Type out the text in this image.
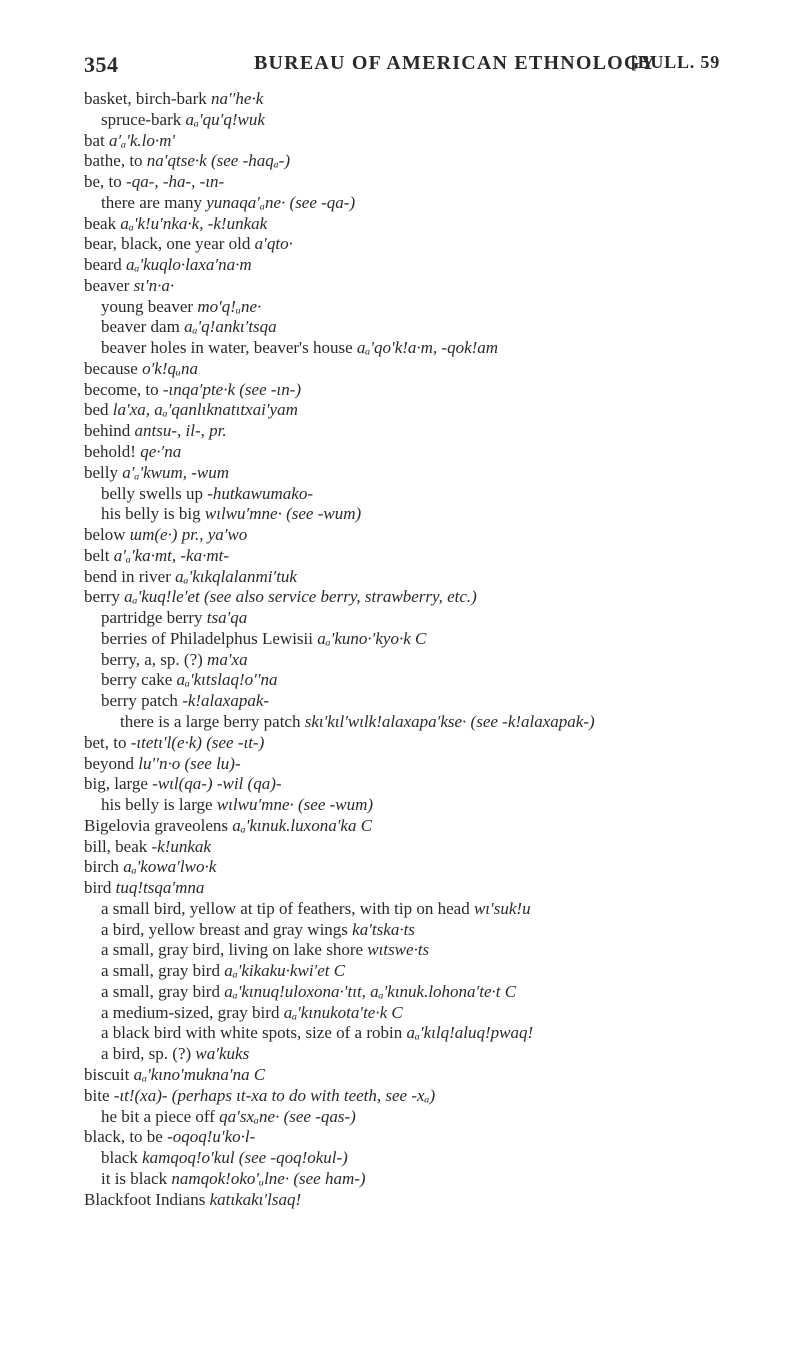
354	BUREAU OF AMERICAN ETHNOLOGY
[BULL. 59
basket, birch-bark na′′he·k
spruce-bark aₐ'qu′q!wuk
bat a′ₐ'k.lo·m'
bathe, to na′qtse·k (see -haqₐ-)
be, to -qa-, -ha-, -ɩn-
there are many yunaqa′ₐne· (see -qa-)
beak aₐ'k!u′nka·k, -k!unkak
bear, black, one year old a′qto·
beard aₐ'kuqlo·laxa′na·m
beaver sɩ′n·a·
young beaver mo′q!ᵤne·
beaver dam aₐ'q!ankɩ′tsqa
beaver holes in water, beaver's house aₐ'qo′k!a·m, -qok!am
because o′k!qᵤna
become, to -ɩnqa′pte·k (see -ɩn-)
bed la′xa, aₐ'qanlɩknatɩtxai′yam
behind antsu-, il-, pr.
behold! qe·′na
belly a′ₐ'kwum, -wum
belly swells up -hutkawumako-
his belly is big wɩlwu′mne· (see -wum)
below ɯm(e·) pr., ya′wo
belt a′ₐ'ka·mt, -ka·mt-
bend in river aₐ'kɩkqlalanmi′tuk
berry aₐ'kuq!le′et (see also service berry, strawberry, etc.)
partridge berry tsa′qa
berries of Philadelphus Lewisii aₐ'kuno·′kyo·k C
berry, a, sp. (?) ma′xa
berry cake aₐ'kɩtslaq!o′′na
berry patch -k!alaxapak-
there is a large berry patch skɩ'kɩl'wɩlk!alaxapa′kse· (see -k!alaxapak-)
bet, to -ɩtetɩ′l(e·k) (see -ɩt-)
beyond lu′′n·o (see lu)-
big, large -wɩl(qa-) -wil (qa)-
his belly is large wɩlwu′mne· (see -wum)
Bigelovia graveolens aₐ'kɩnuk.luxona′ka C
bill, beak -k!unkak
birch aₐ'kowa′lwo·k
bird tuq!tsqa′mna
a small bird, yellow at tip of feathers, with tip on head wɩ′suk!u
a bird, yellow breast and gray wings ka′tska·ts
a small, gray bird, living on lake shore wɩtswe·ts
a small, gray bird aₐ'kikaku·kwi′et C
a small, gray bird aₐ'kɩnuq!uloxona·′tɩt, aₐ'kɩnuk.lohona′te·t C
a medium-sized, gray bird aₐ'kɩnukota′te·k C
a black bird with white spots, size of a robin aₐ'kɩlq!aluq!pwaq!
a bird, sp. (?) wa′kuks
biscuit aₐ'kɩno'mukna′na C
bite -ɩt!(xa)- (perhaps ɩt-xa to do with teeth, see -xₐ)
he bit a piece off qa′sxₐne· (see -qas-)
black, to be -oqoq!u′ko·l-
black kamqoq!o′kul (see -qoq!okul-)
it is black namqok!oko′ᵤlne· (see ham-)
Blackfoot Indians katɩkakɩ′lsaq!
